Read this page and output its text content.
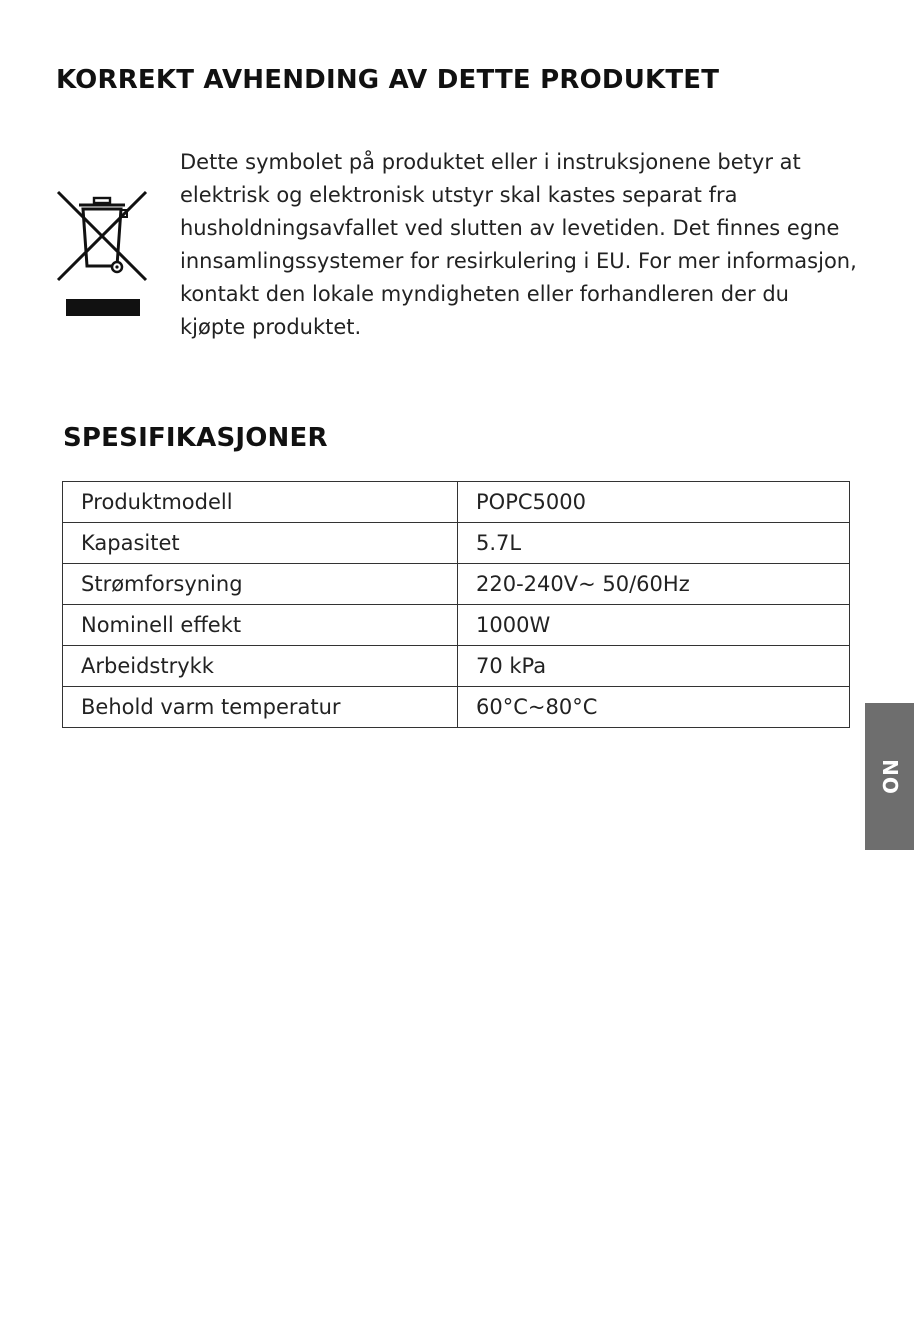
KORREKT AVHENDING AV DETTE PRODUKTET

Dette symbolet på produktet eller i instruksjonene betyr at elektrisk og elektronisk utstyr skal kastes separat fra husholdningsavfallet ved slutten av levetiden. Det finnes egne innsamlingssystemer for resirkulering i EU. For mer informasjon, kontakt den lokale myndigheten eller forhandleren der du kjøpte produktet.

SPESIFIKASJONER
Produktmodell	POPC5000
Kapasitet	5.7L
Strømforsyning	220-240V~ 50/60Hz
Nominell effekt	1000W
Arbeidstrykk	70 kPa
Behold varm temperatur	60°C~80°C
NO
